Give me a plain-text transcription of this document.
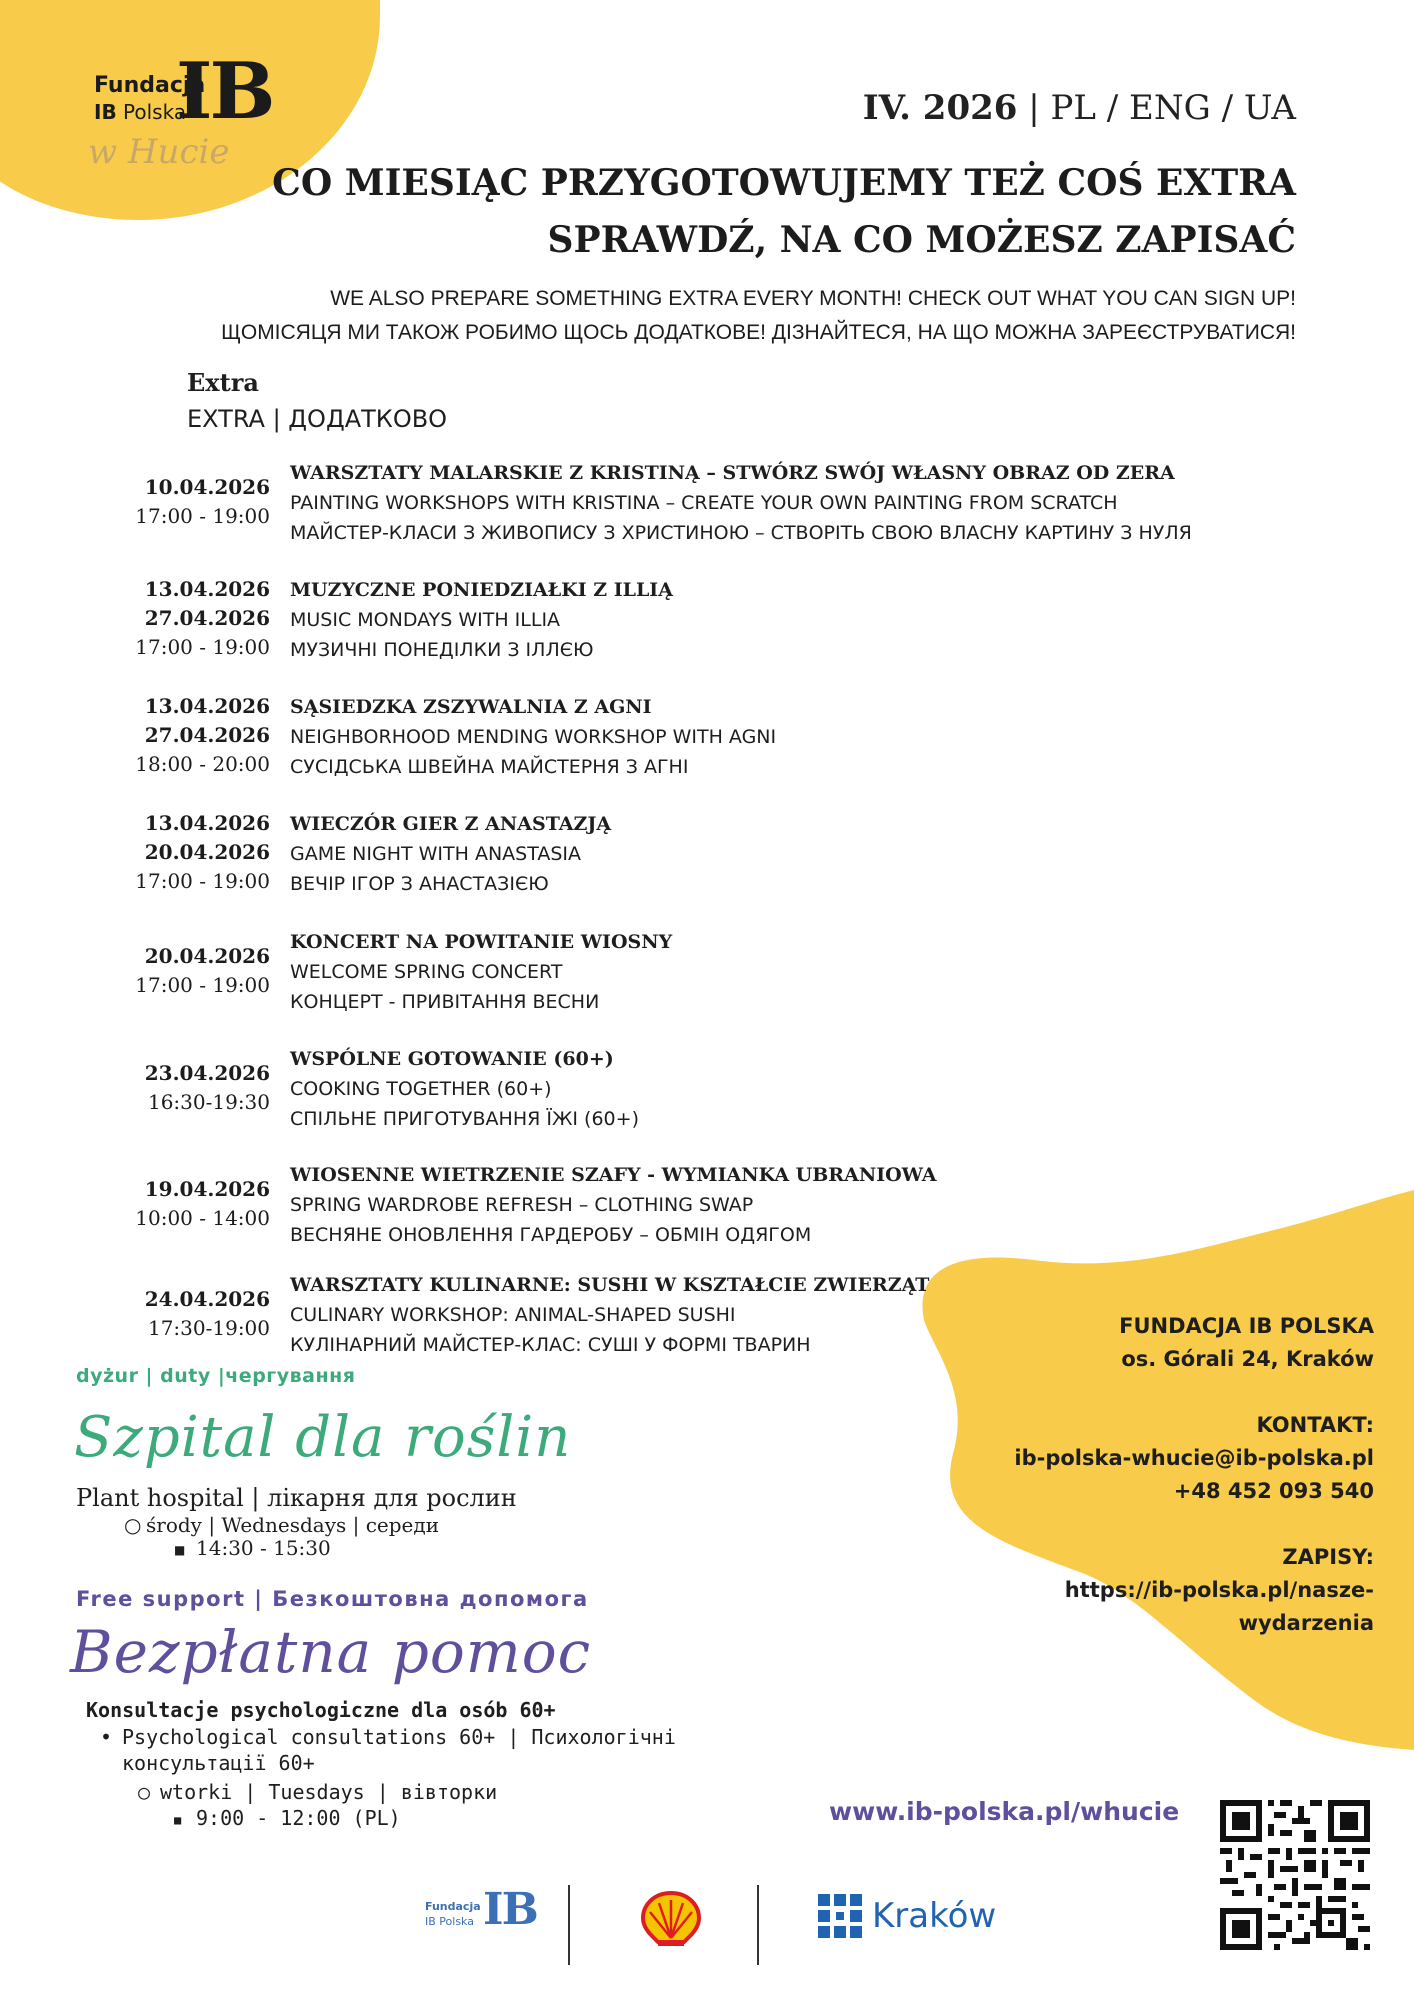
Fundacja
IB Polska
IB
w Hucie
IV. 2026 | PL / ENG / UA
CO MIESIĄC PRZYGOTOWUJEMY TEŻ COŚ EXTRA
SPRAWDŹ, NA CO MOŻESZ ZAPISAĆ
WE ALSO PREPARE SOMETHING EXTRA EVERY MONTH! CHECK OUT WHAT YOU CAN SIGN UP!
ЩОМІСЯЦЯ МИ ТАКОЖ РОБИМО ЩОСЬ ДОДАТКОВЕ! ДІЗНАЙТЕСЯ, НА ЩО МОЖНА ЗАРЕЄСТРУВАТИСЯ!
Extra
EXTRA | ДОДАТКОВО
10.04.2026
17:00 - 19:00
WARSZTATY MALARSKIE Z KRISTINĄ – STWÓRZ SWÓJ WŁASNY OBRAZ OD ZERA
PAINTING WORKSHOPS WITH KRISTINA – CREATE YOUR OWN PAINTING FROM SCRATCH
МАЙСТЕР-КЛАСИ З ЖИВОПИСУ З ХРИСТИНОЮ – СТВОРІТЬ СВОЮ ВЛАСНУ КАРТИНУ З НУЛЯ
13.04.2026
27.04.2026
17:00 - 19:00
MUZYCZNE PONIEDZIAŁKI Z ILLIĄ
MUSIC MONDAYS WITH ILLIA
МУЗИЧНІ ПОНЕДІЛКИ З ІЛЛЄЮ
13.04.2026
27.04.2026
18:00 - 20:00
SĄSIEDZKA ZSZYWALNIA Z AGNI
NEIGHBORHOOD MENDING WORKSHOP WITH AGNI
СУСІДСЬКА ШВЕЙНА МАЙСТЕРНЯ З АГНІ
13.04.2026
20.04.2026
17:00 - 19:00
WIECZÓR GIER Z ANASTAZJĄ
GAME NIGHT WITH ANASTASIA
ВЕЧІР ІГОР З АНАСТАЗІЄЮ
20.04.2026
17:00 - 19:00
KONCERT NA POWITANIE WIOSNY
WELCOME SPRING CONCERT
КОНЦЕРТ - ПРИВІТАННЯ ВЕСНИ
23.04.2026
16:30-19:30
WSPÓLNE GOTOWANIE (60+)
COOKING TOGETHER (60+)
СПІЛЬНЕ ПРИГОТУВАННЯ ЇЖІ (60+)
19.04.2026
10:00 - 14:00
WIOSENNE WIETRZENIE SZAFY - WYMIANKA UBRANIOWA
SPRING WARDROBE REFRESH – CLOTHING SWAP
ВЕСНЯНЕ ОНОВЛЕННЯ ГАРДЕРОБУ – ОБМІН ОДЯГОМ
24.04.2026
17:30-19:00
WARSZTATY KULINARNE: SUSHI W KSZTAŁCIE ZWIERZĄT
CULINARY WORKSHOP: ANIMAL-SHAPED SUSHI
КУЛІНАРНИЙ МАЙСТЕР-КЛАС: СУШІ У ФОРМІ ТВАРИН
dyżur | duty |чергування
Szpital dla roślin
Plant hospital | лікарня для рослин
○ środy | Wednesdays | середи
■ 14:30 - 15:30
Free support | Безкоштовна допомога
Bezpłatna pomoc
Konsultacje psychologiczne dla osób 60+
• Psychological consultations 60+ | Психологічні
консультації 60+
○ wtorki | Tuesdays | вівторки
■ 9:00 - 12:00 (PL)
FUNDACJA IB POLSKA
os. Górali 24, Kraków
KONTAKT:
ib-polska-whucie@ib-polska.pl
+48 452 093 540
ZAPISY:
https://ib-polska.pl/nasze-
wydarzenia
www.ib-polska.pl/whucie
Fundacja
IB Polska IB	Kraków
